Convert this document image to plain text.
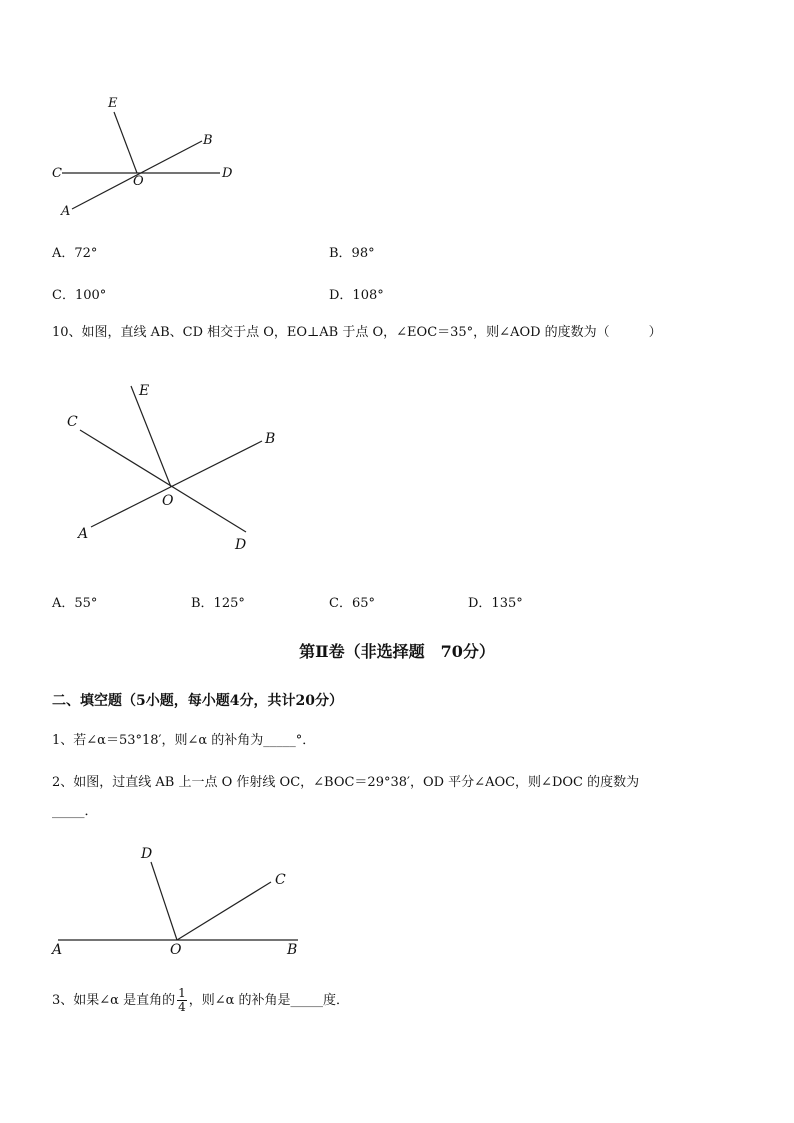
E
B
C
O
D
A
A．72°	B．98°
C．100°	D．108°
10、如图，直线 AB、CD 相交于点 O，EO⊥AB 于点 O，∠EOC＝35°，则∠AOD 的度数为（　　　）
E
C
B
O
A
D
A．55°	B．125°	C．65°	D．135°
第Ⅱ卷（非选择题　70分）
二、填空题（5小题，每小题4分，共计20分）
1、若∠α＝53°18′，则∠α 的补角为_____°．
2、如图，过直线 AB 上一点 O 作射线 OC，∠BOC＝29°38′，OD 平分∠AOC，则∠DOC 的度数为
_____．
D
C
A	O	B
3、如果∠α 是直角的 $\frac{1}{4}$ ，则∠α 的补角是_____度．
